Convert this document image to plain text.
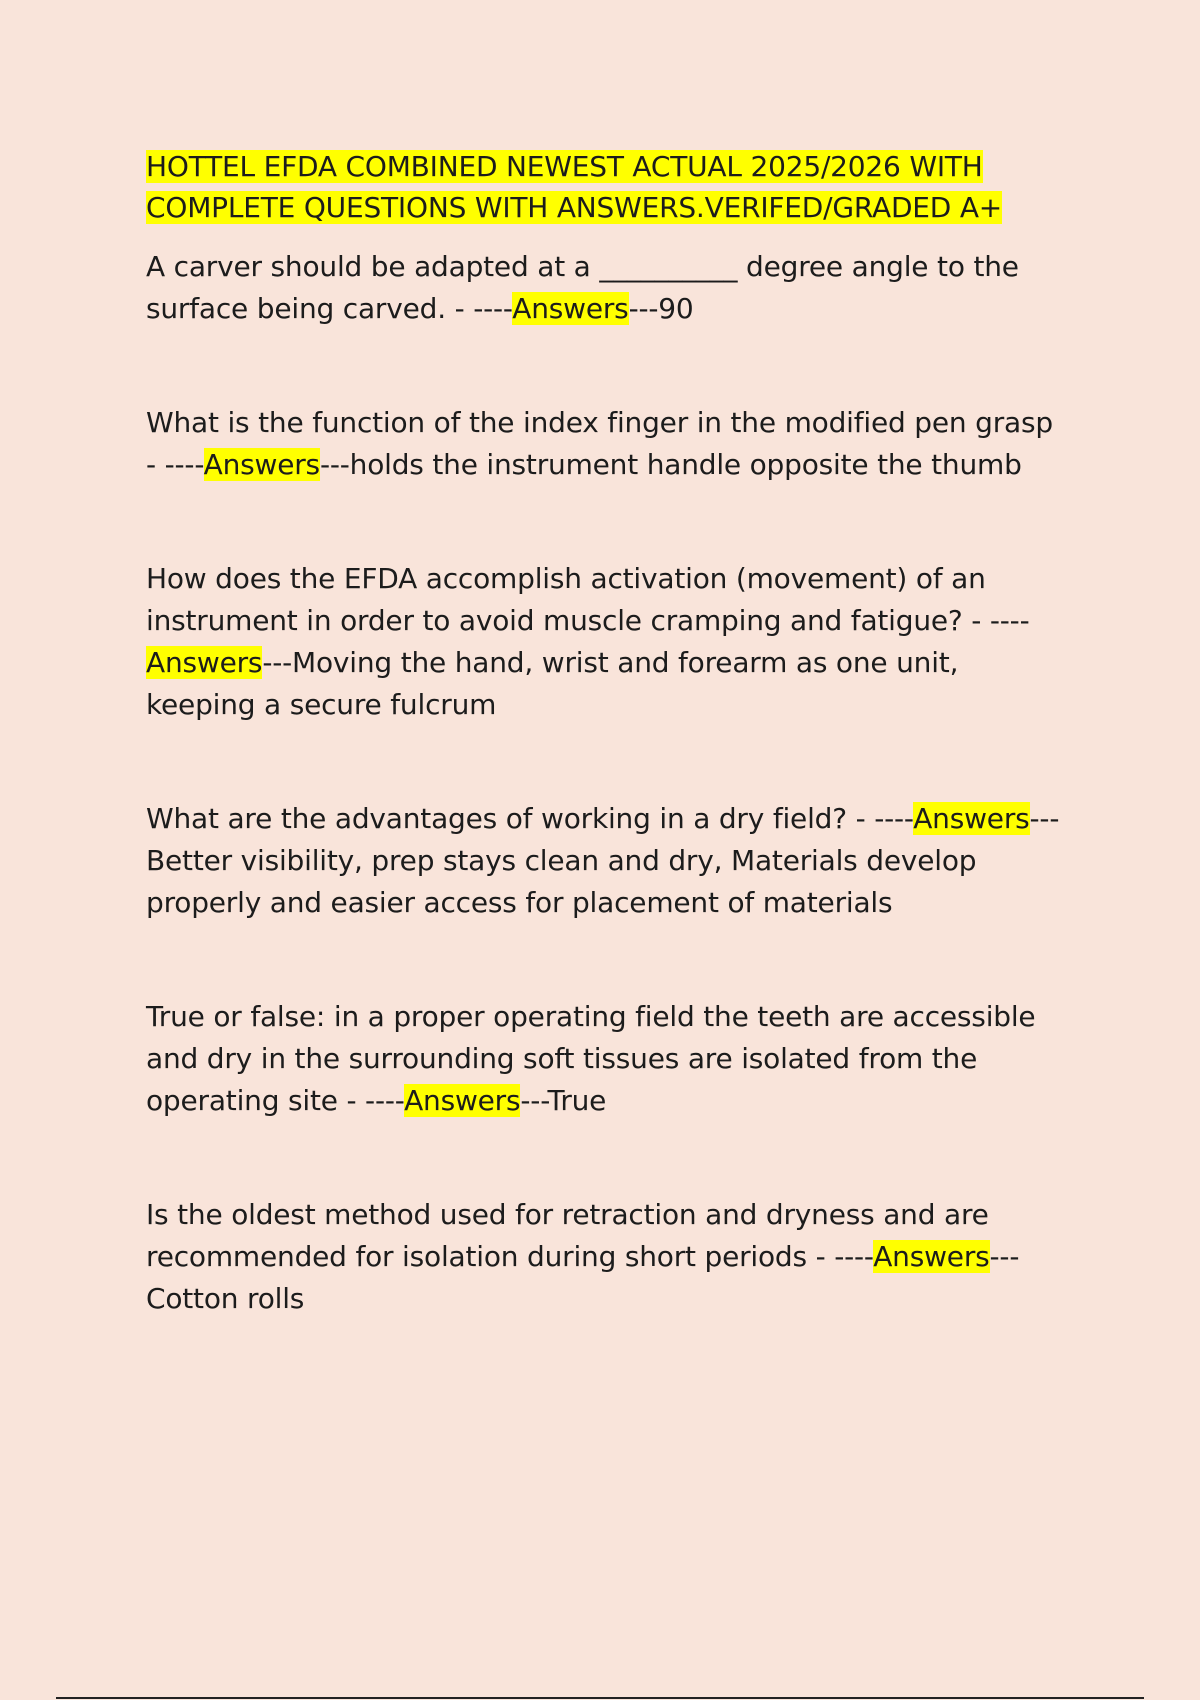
HOTTEL EFDA COMBINED NEWEST ACTUAL 2025/2026 WITH
COMPLETE QUESTIONS WITH ANSWERS.VERIFED/GRADED A+

A carver should be adapted at a __________ degree angle to the surface being carved. - ----Answers---90

What is the function of the index finger in the modified pen grasp - ----Answers---holds the instrument handle opposite the thumb

How does the EFDA accomplish activation (movement) of an instrument in order to avoid muscle cramping and fatigue? - ----Answers---Moving the hand, wrist and forearm as one unit, keeping a secure fulcrum

What are the advantages of working in a dry field? - ----Answers---Better visibility, prep stays clean and dry, Materials develop properly and easier access for placement of materials

True or false: in a proper operating field the teeth are accessible and dry in the surrounding soft tissues are isolated from the operating site - ----Answers---True

Is the oldest method used for retraction and dryness and are recommended for isolation during short periods - ----Answers---Cotton rolls
